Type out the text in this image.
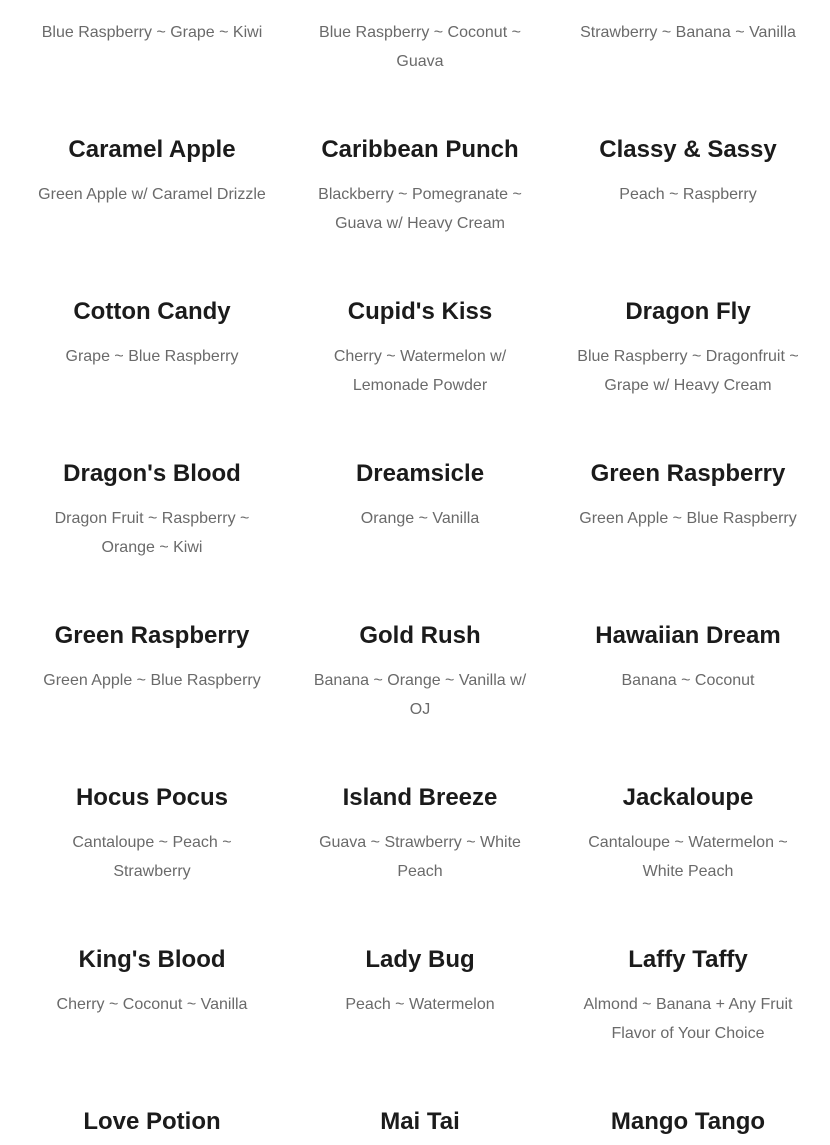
Blue Raspberry ~ Grape ~ Kiwi	Blue Raspberry ~ Coconut ~ Guava
Strawberry ~ Banana ~ Vanilla
Caramel Apple
Green Apple w/ Caramel Drizzle
Caribbean Punch
Blackberry ~ Pomegranate ~ Guava w/ Heavy Cream
Classy & Sassy
Peach ~ Raspberry
Cotton Candy
Grape ~ Blue Raspberry
Cupid's Kiss
Cherry ~ Watermelon w/ Lemonade Powder
Dragon Fly
Blue Raspberry ~ Dragonfruit ~ Grape w/ Heavy Cream
Dragon's Blood
Dragon Fruit ~ Raspberry ~ Orange ~ Kiwi
Dreamsicle
Orange ~ Vanilla
Green Raspberry
Green Apple ~ Blue Raspberry
Green Raspberry
Green Apple ~ Blue Raspberry
Gold Rush
Banana ~ Orange ~ Vanilla w/ OJ
Hawaiian Dream
Banana ~ Coconut
Hocus Pocus
Cantaloupe ~ Peach ~ Strawberry
Island Breeze
Guava ~ Strawberry ~ White Peach
Jackaloupe
Cantaloupe ~ Watermelon ~ White Peach
King's Blood
Cherry ~ Coconut ~ Vanilla
Lady Bug
Peach ~ Watermelon
Laffy Taffy
Almond ~ Banana + Any Fruit Flavor of Your Choice
Love Potion	Mai Tai	Mango Tango
